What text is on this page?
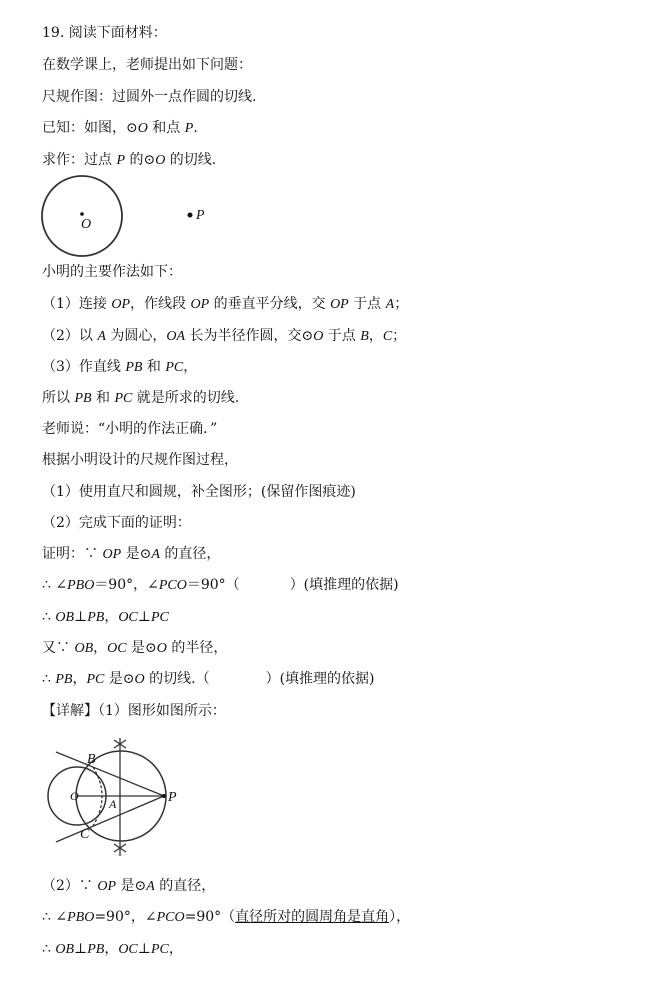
19. 阅读下面材料：
在数学课上，老师提出如下问题：
尺规作图：过圆外一点作圆的切线.
已知：如图，⊙O 和点 P.
求作：过点 P 的⊙O 的切线.
O
P
小明的主要作法如下：
（1）连接 OP，作线段 OP 的垂直平分线，交 OP 于点 A；
（2）以 A 为圆心，OA 长为半径作圆，交⊙O 于点 B，C；
（3）作直线 PB 和 PC，
所以 PB 和 PC 就是所求的切线.
老师说：“小明的作法正确．”
根据小明设计的尺规作图过程，
（1）使用直尺和圆规，补全图形；(保留作图痕迹)
（2）完成下面的证明：
证明：∵ OP 是⊙A 的直径，
∴ ∠PBO＝90°，∠PCO＝90°（	）(填推理的依据)
∴ OB⊥PB，OC⊥PC
又∵ OB，OC 是⊙O 的半径，
∴ PB，PC 是⊙O 的切线.（	）(填推理的依据)
【详解】（1）图形如图所示：
B
O
A	P
C
（2）∵ OP 是⊙A 的直径，
∴ ∠PBO=90°，∠PCO=90°（直径所对的圆周角是直角），
∴ OB⊥PB，OC⊥PC，
